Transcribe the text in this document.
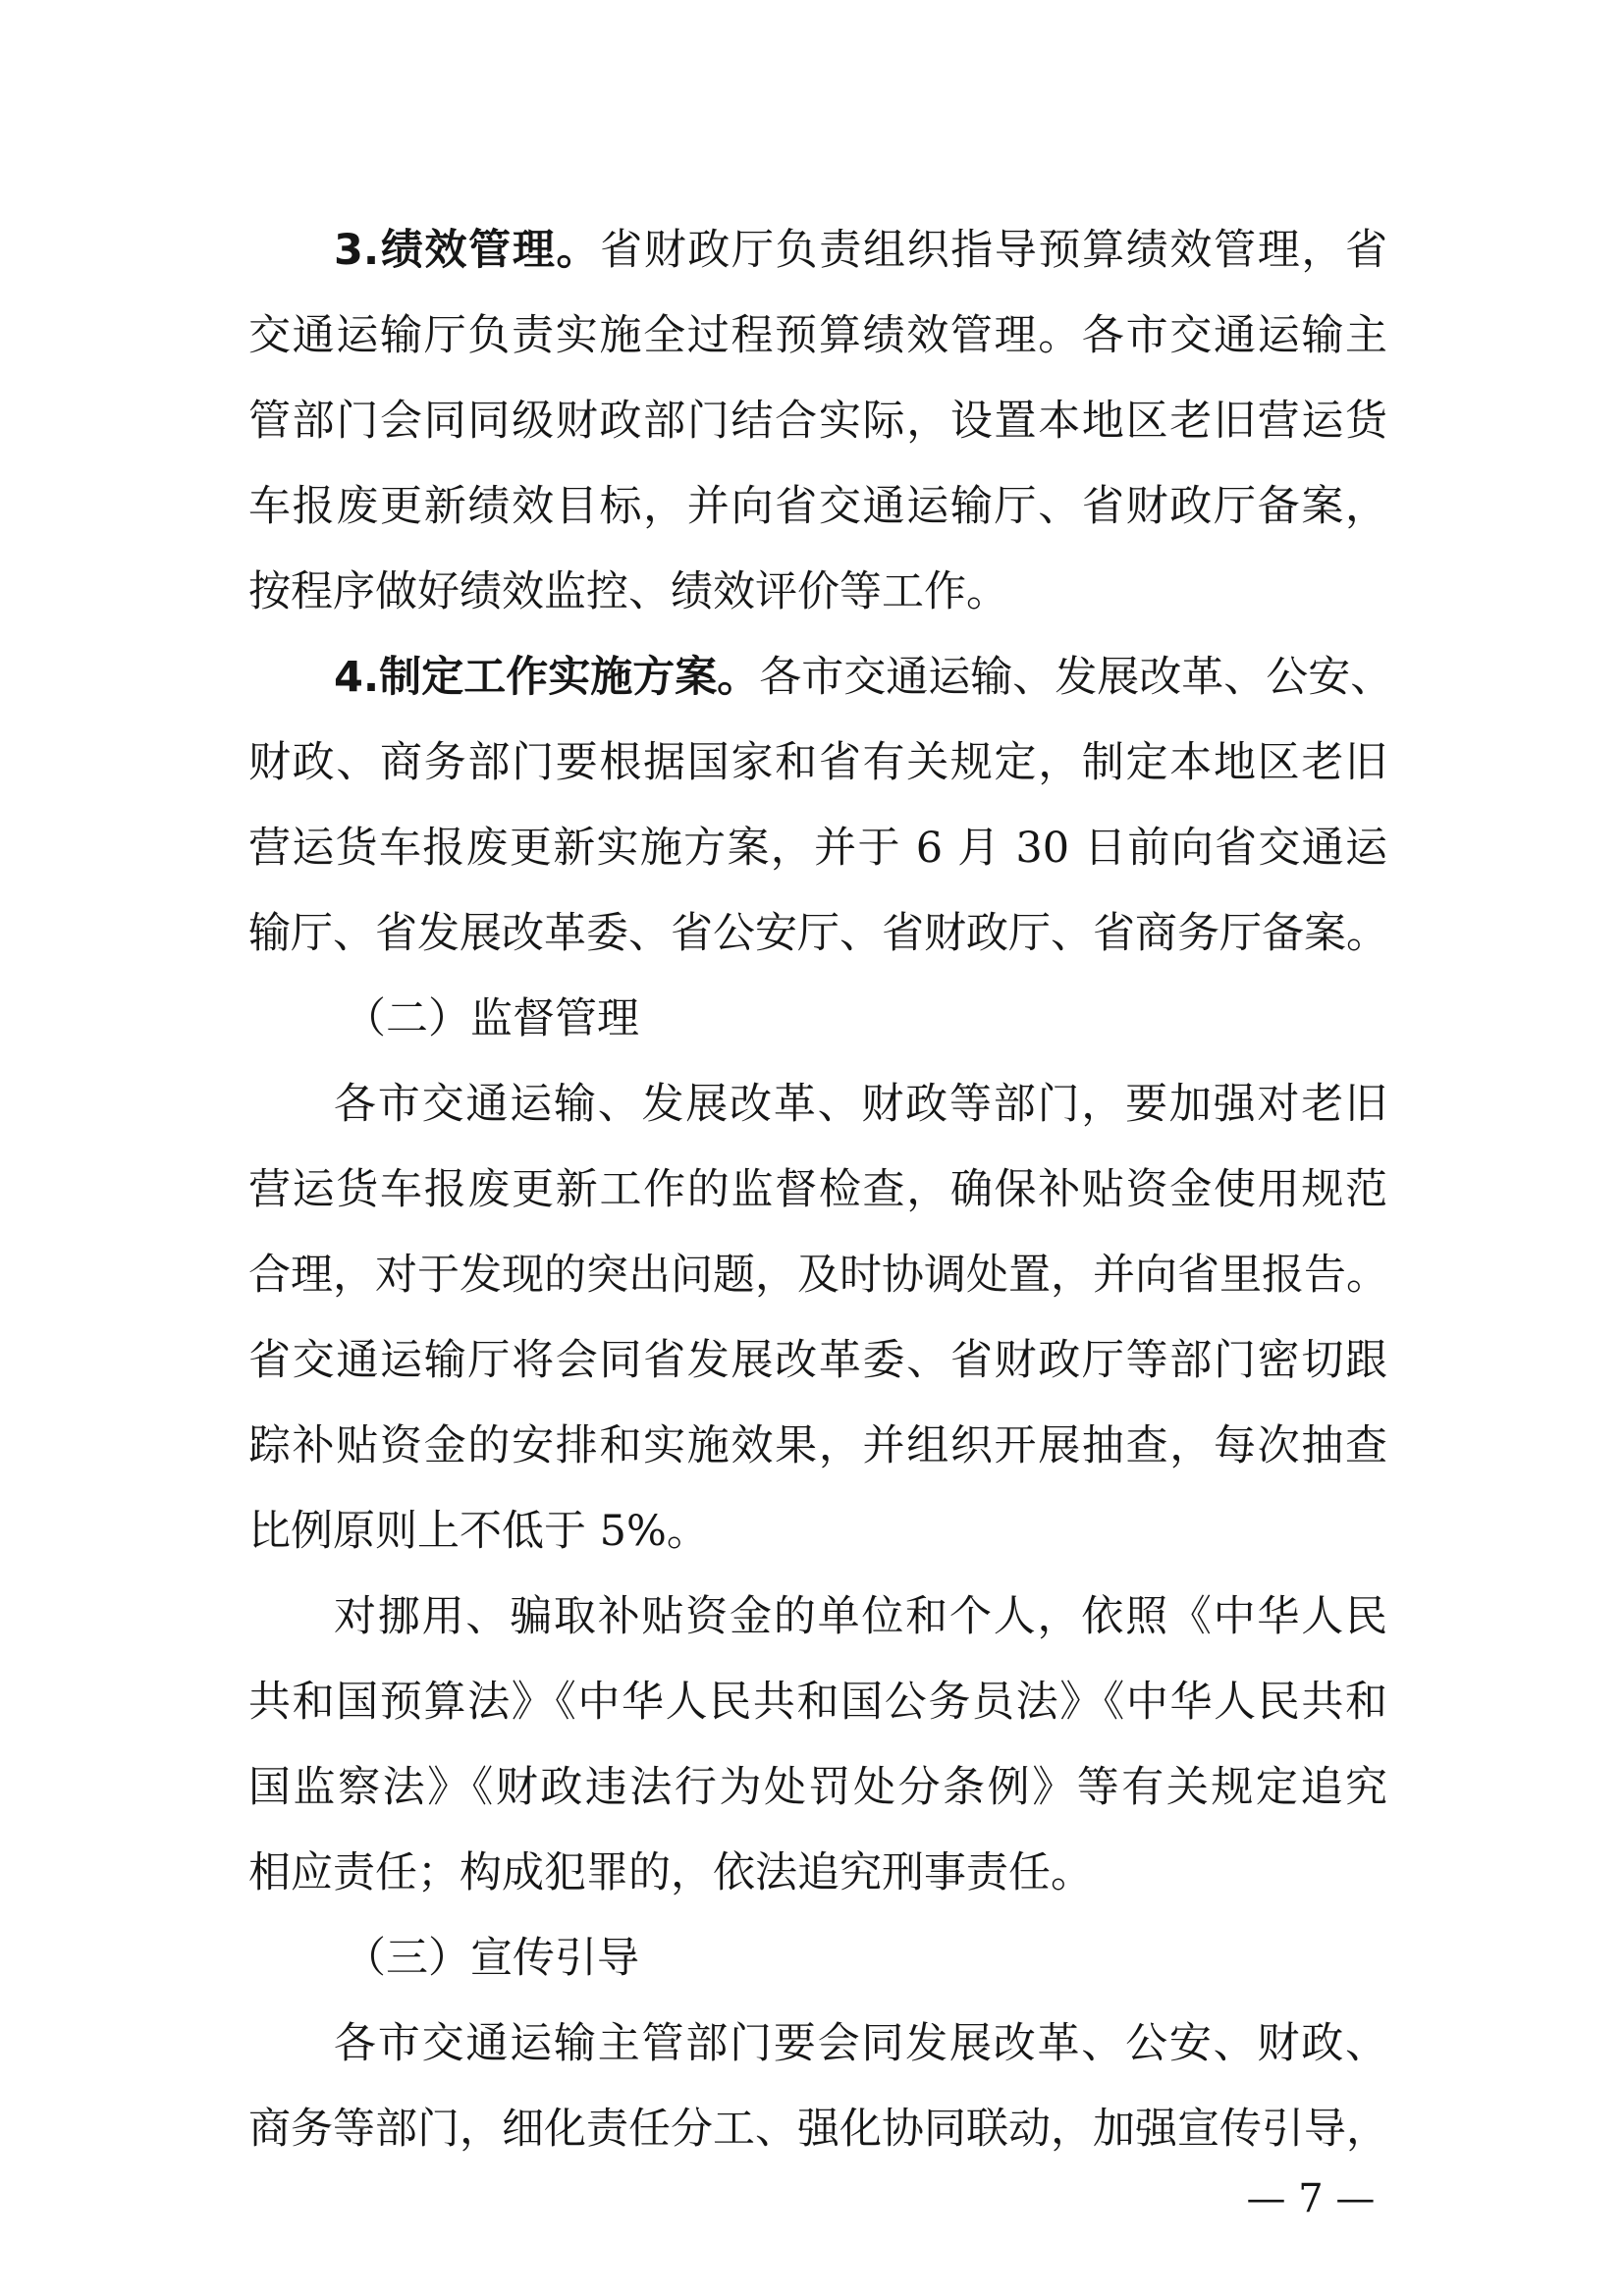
3.绩效管理。省财政厅负责组织指导预算绩效管理，省
交通运输厅负责实施全过程预算绩效管理。各市交通运输主
管部门会同同级财政部门结合实际，设置本地区老旧营运货
车报废更新绩效目标，并向省交通运输厅、省财政厅备案，
按程序做好绩效监控、绩效评价等工作。
4.制定工作实施方案。各市交通运输、发展改革、公安、
财政、商务部门要根据国家和省有关规定，制定本地区老旧
营运货车报废更新实施方案，并于 6 月 30 日前向省交通运
输厅、省发展改革委、省公安厅、省财政厅、省商务厅备案。
（二）监督管理
各市交通运输、发展改革、财政等部门，要加强对老旧
营运货车报废更新工作的监督检查，确保补贴资金使用规范
合理，对于发现的突出问题，及时协调处置，并向省里报告。
省交通运输厅将会同省发展改革委、省财政厅等部门密切跟
踪补贴资金的安排和实施效果，并组织开展抽查，每次抽查
比例原则上不低于 5%。
对挪用、骗取补贴资金的单位和个人，依照《中华人民
共和国预算法》《中华人民共和国公务员法》《中华人民共和
国监察法》《财政违法行为处罚处分条例》等有关规定追究
相应责任；构成犯罪的，依法追究刑事责任。
（三）宣传引导
各市交通运输主管部门要会同发展改革、公安、财政、
商务等部门，细化责任分工、强化协同联动，加强宣传引导，
— 7 —
